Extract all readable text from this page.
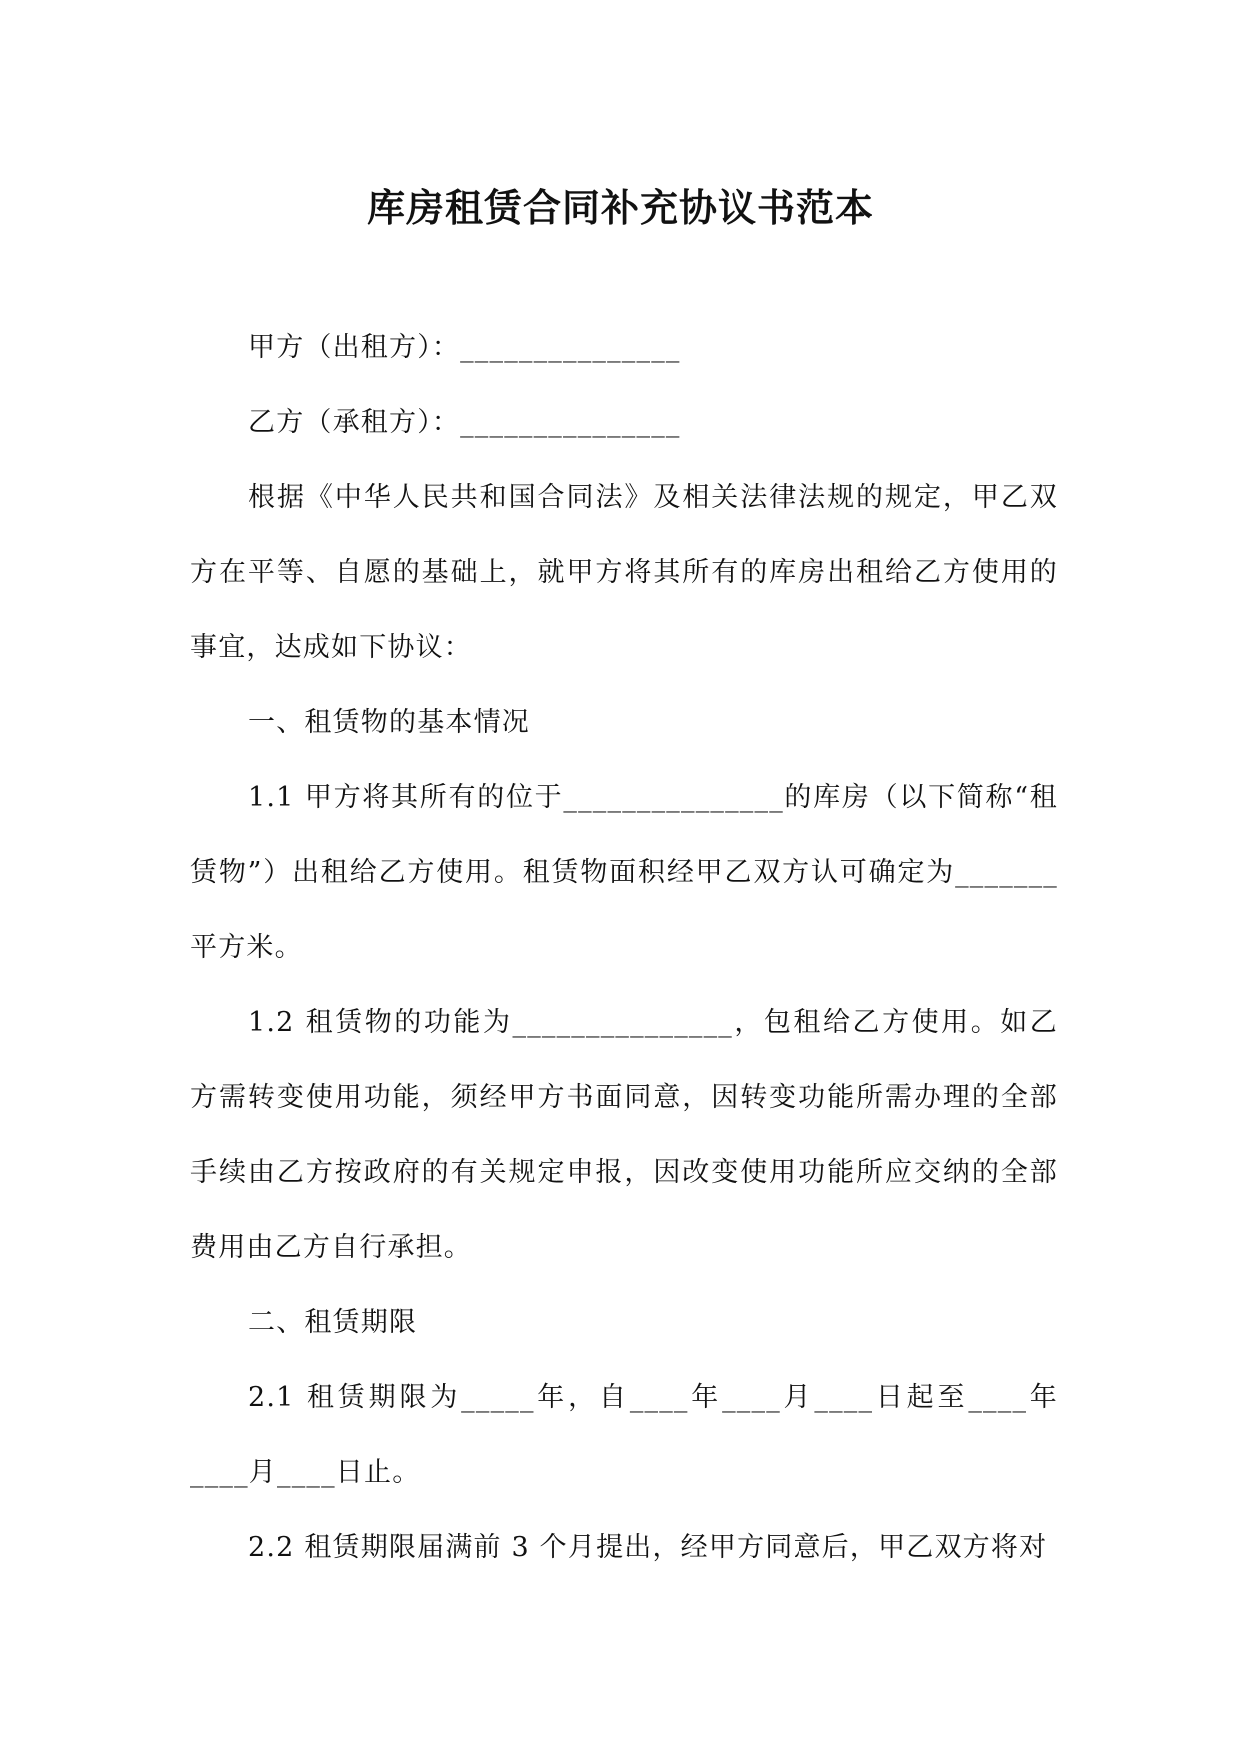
库房租赁合同补充协议书范本

甲方（出租方）：_______________

乙方（承租方）：_______________

根据《中华人民共和国合同法》及相关法律法规的规定，甲乙双方在平等、自愿的基础上，就甲方将其所有的库房出租给乙方使用的事宜，达成如下协议：

一、租赁物的基本情况

1.1 甲方将其所有的位于_______________的库房（以下简称“租赁物”）出租给乙方使用。租赁物面积经甲乙双方认可确定为_______平方米。

1.2 租赁物的功能为_______________，包租给乙方使用。如乙方需转变使用功能，须经甲方书面同意，因转变功能所需办理的全部手续由乙方按政府的有关规定申报，因改变使用功能所应交纳的全部费用由乙方自行承担。

二、租赁期限

2.1 租赁期限为_____年，自____年____月____日起至____年____月____日止。

2.2 租赁期限届满前 3 个月提出，经甲方同意后，甲乙双方将对
